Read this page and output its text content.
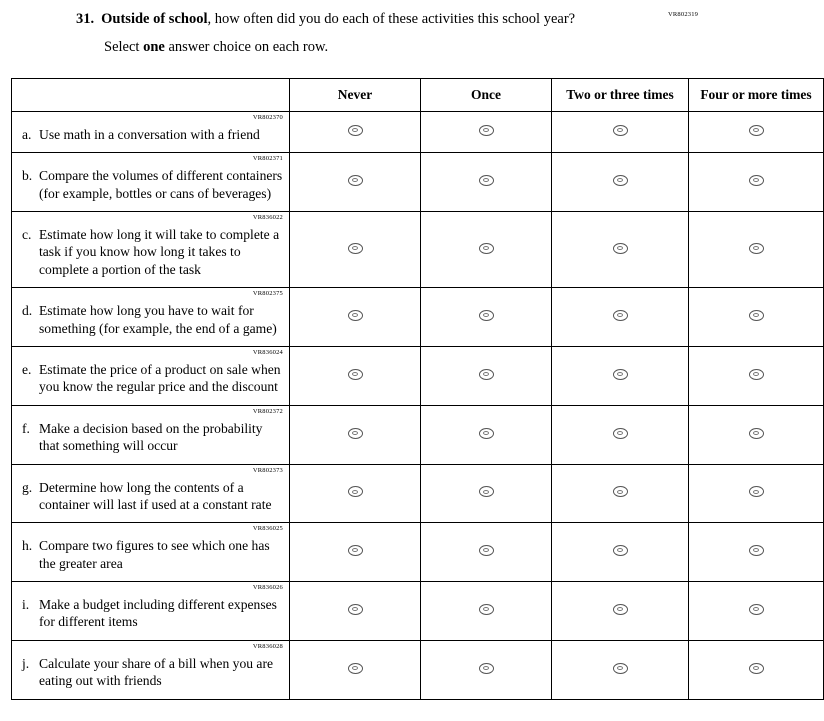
VR802319
31. Outside of school, how often did you do each of these activities this school year?
Select one answer choice on each row.
	Never	Once	Two or three times	Four or more times

VR802370
a. Use math in a conversation with a friend				

VR802371
b. Compare the volumes of different containers (for example, bottles or cans of beverages)				

VR836022
c. Estimate how long it will take to complete a task if you know how long it takes to complete a portion of the task				

VR802375
d. Estimate how long you have to wait for something (for example, the end of a game)				

VR836024
e. Estimate the price of a product on sale when you know the regular price and the discount				

VR802372
f. Make a decision based on the probability that something will occur				

VR802373
g. Determine how long the contents of a container will last if used at a constant rate				

VR836025
h. Compare two figures to see which one has the greater area				

VR836026
i. Make a budget including different expenses for different items				

VR836028
j. Calculate your share of a bill when you are eating out with friends				
